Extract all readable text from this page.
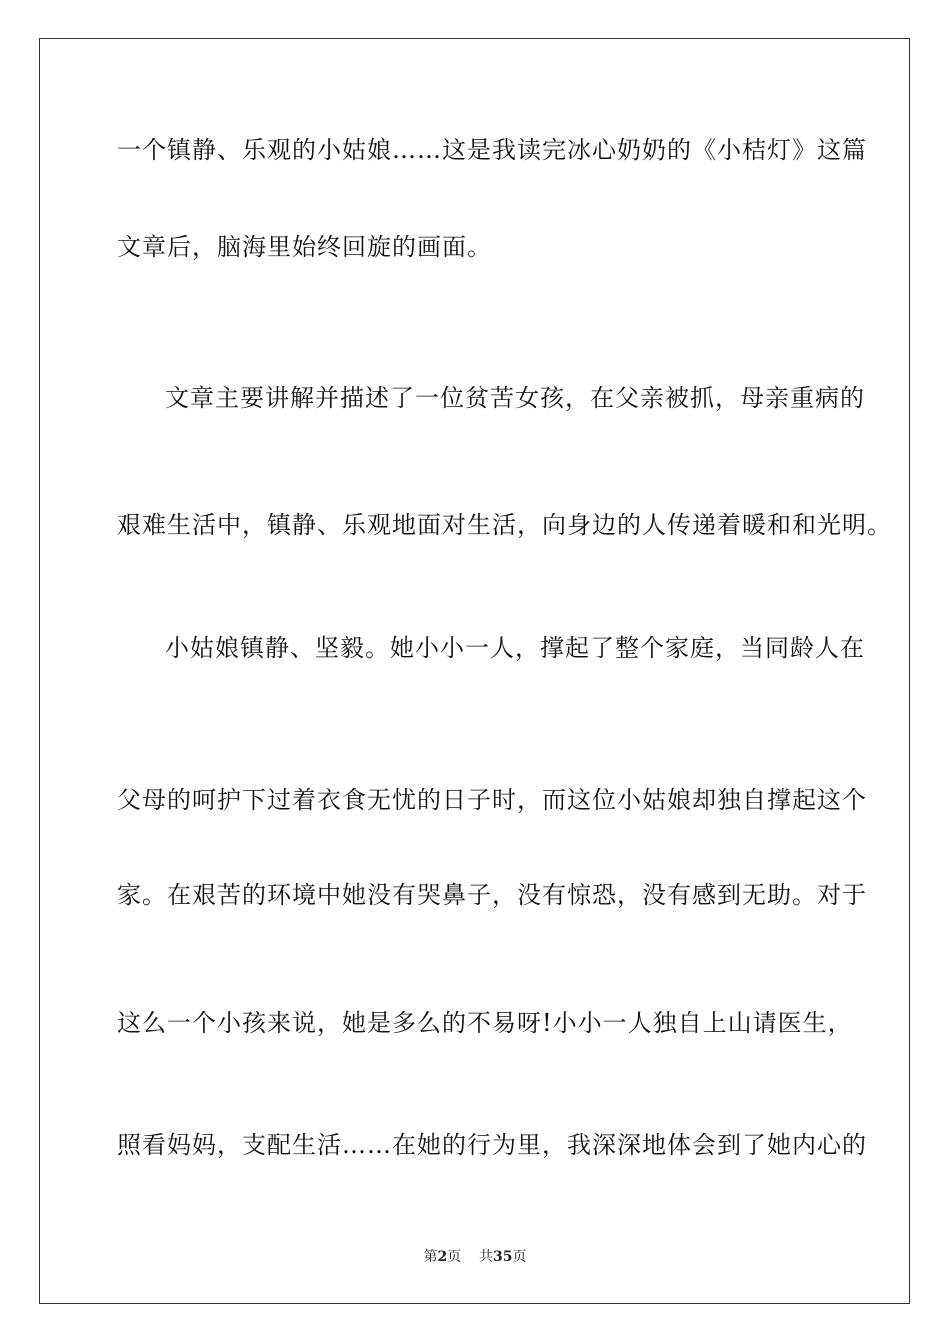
一个镇静、乐观的小姑娘……这是我读完冰心奶奶的《小桔灯》这篇

文章后，脑海里始终回旋的画面。

文章主要讲解并描述了一位贫苦女孩，在父亲被抓，母亲重病的

艰难生活中，镇静、乐观地面对生活，向身边的人传递着暖和和光明。

小姑娘镇静、坚毅。她小小一人，撑起了整个家庭，当同龄人在

父母的呵护下过着衣食无忧的日子时，而这位小姑娘却独自撑起这个

家。在艰苦的环境中她没有哭鼻子，没有惊恐，没有感到无助。对于

这么一个小孩来说，她是多么的不易呀!小小一人独自上山请医生，

照看妈妈，支配生活……在她的行为里，我深深地体会到了她内心的

第2页 共35页
